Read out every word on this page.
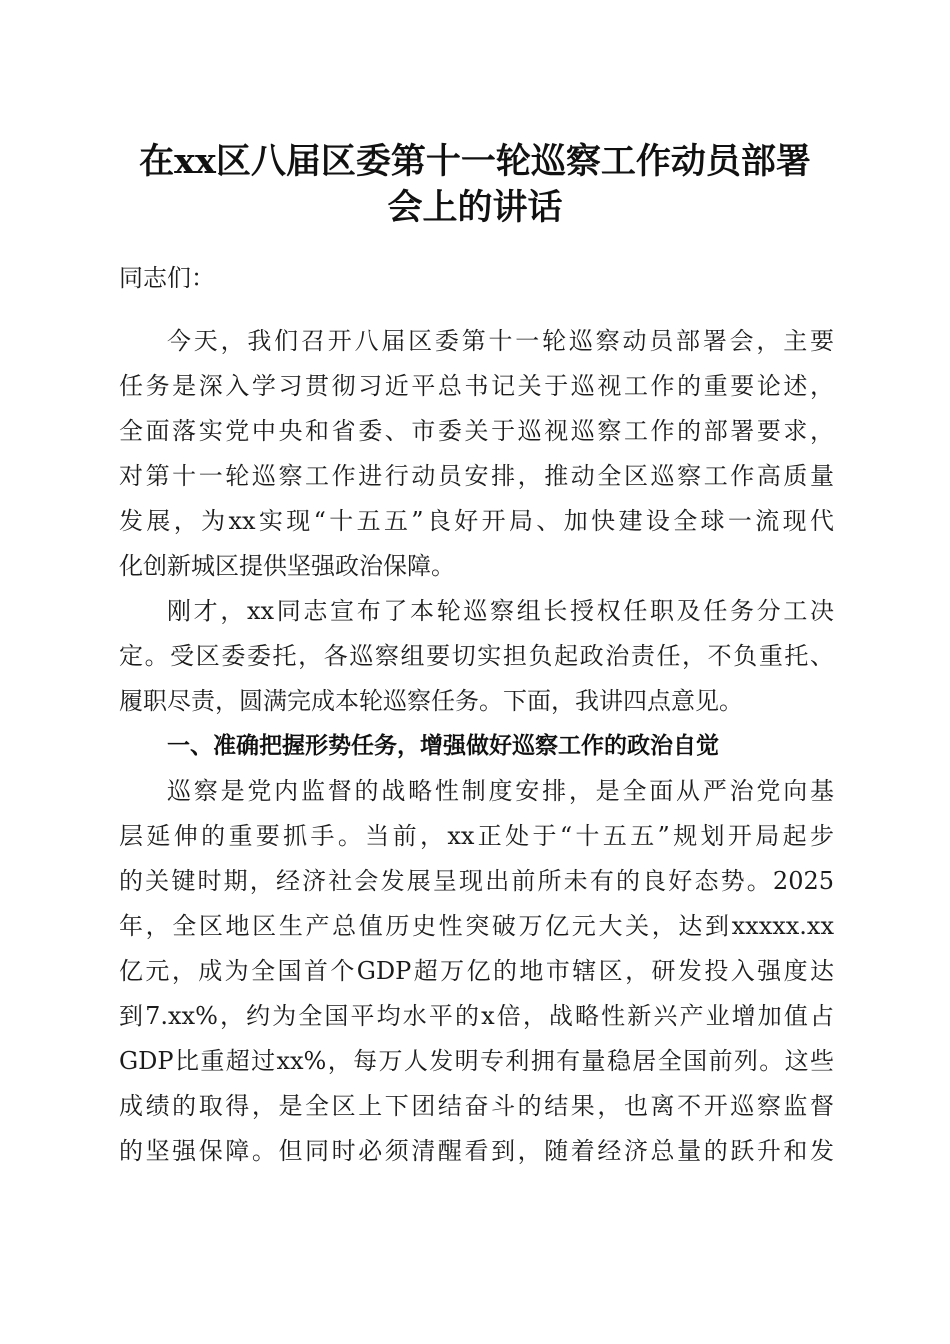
在xx区八届区委第十一轮巡察工作动员部署
会上的讲话

同志们：

今天，我们召开八届区委第十一轮巡察动员部署会，主要

任务是深入学习贯彻习近平总书记关于巡视工作的重要论述，

全面落实党中央和省委、市委关于巡视巡察工作的部署要求，

对第十一轮巡察工作进行动员安排，推动全区巡察工作高质量

发展，为xx实现“十五五”良好开局、加快建设全球一流现代

化创新城区提供坚强政治保障。

刚才，xx同志宣布了本轮巡察组长授权任职及任务分工决

定。受区委委托，各巡察组要切实担负起政治责任，不负重托、

履职尽责，圆满完成本轮巡察任务。下面，我讲四点意见。

一、准确把握形势任务，增强做好巡察工作的政治自觉

巡察是党内监督的战略性制度安排，是全面从严治党向基

层延伸的重要抓手。当前，xx正处于“十五五”规划开局起步

的关键时期，经济社会发展呈现出前所未有的良好态势。2025

年，全区地区生产总值历史性突破万亿元大关，达到xxxxx.xx

亿元，成为全国首个GDP超万亿的地市辖区，研发投入强度达

到7.xx%，约为全国平均水平的x倍，战略性新兴产业增加值占

GDP比重超过xx%，每万人发明专利拥有量稳居全国前列。这些

成绩的取得，是全区上下团结奋斗的结果，也离不开巡察监督

的坚强保障。但同时必须清醒看到，随着经济总量的跃升和发
